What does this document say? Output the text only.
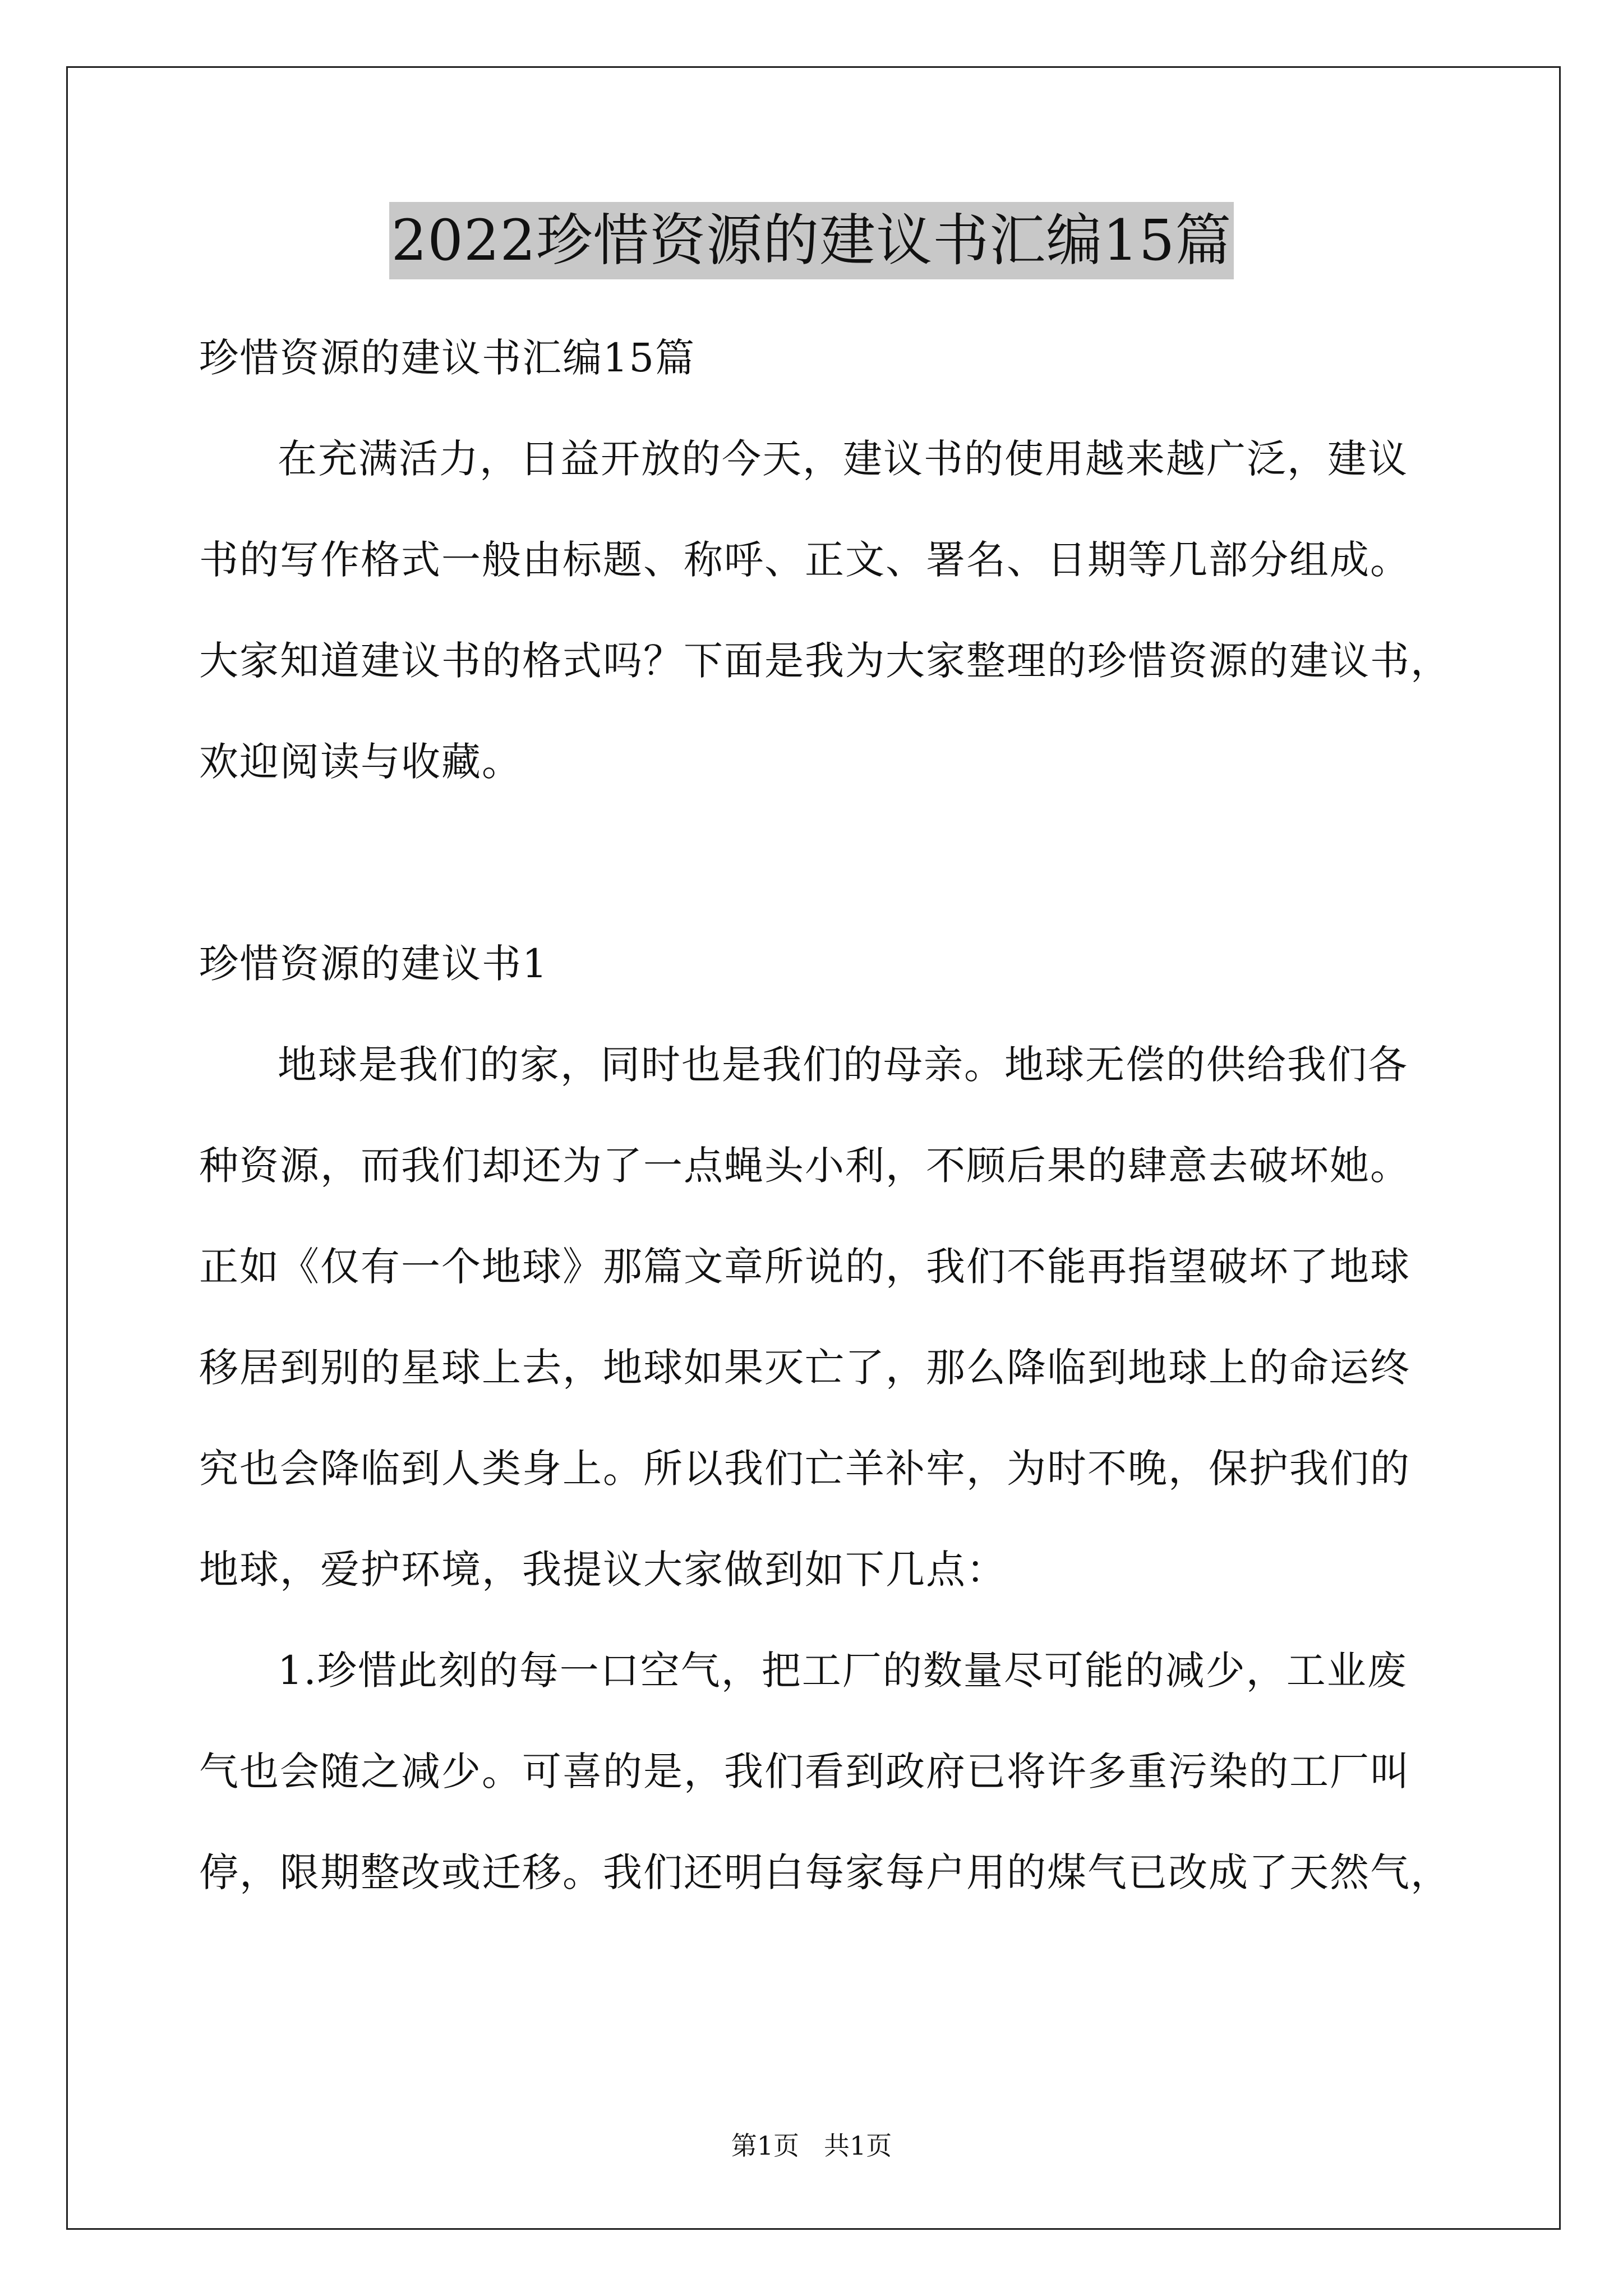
2022珍惜资源的建议书汇编15篇
珍惜资源的建议书汇编15篇
在充满活力，日益开放的今天，建议书的使用越来越广泛，建议
书的写作格式一般由标题、称呼、正文、署名、日期等几部分组成。
大家知道建议书的格式吗？下面是我为大家整理的珍惜资源的建议书，
欢迎阅读与收藏。
珍惜资源的建议书1
地球是我们的家，同时也是我们的母亲。地球无偿的供给我们各
种资源，而我们却还为了一点蝇头小利，不顾后果的肆意去破坏她。
正如《仅有一个地球》那篇文章所说的，我们不能再指望破坏了地球
移居到别的星球上去，地球如果灭亡了，那么降临到地球上的命运终
究也会降临到人类身上。所以我们亡羊补牢，为时不晚，保护我们的
地球，爱护环境，我提议大家做到如下几点：
1.珍惜此刻的每一口空气，把工厂的数量尽可能的减少，工业废
气也会随之减少。可喜的是，我们看到政府已将许多重污染的工厂叫
停，限期整改或迁移。我们还明白每家每户用的煤气已改成了天然气，
第1页 共1页
